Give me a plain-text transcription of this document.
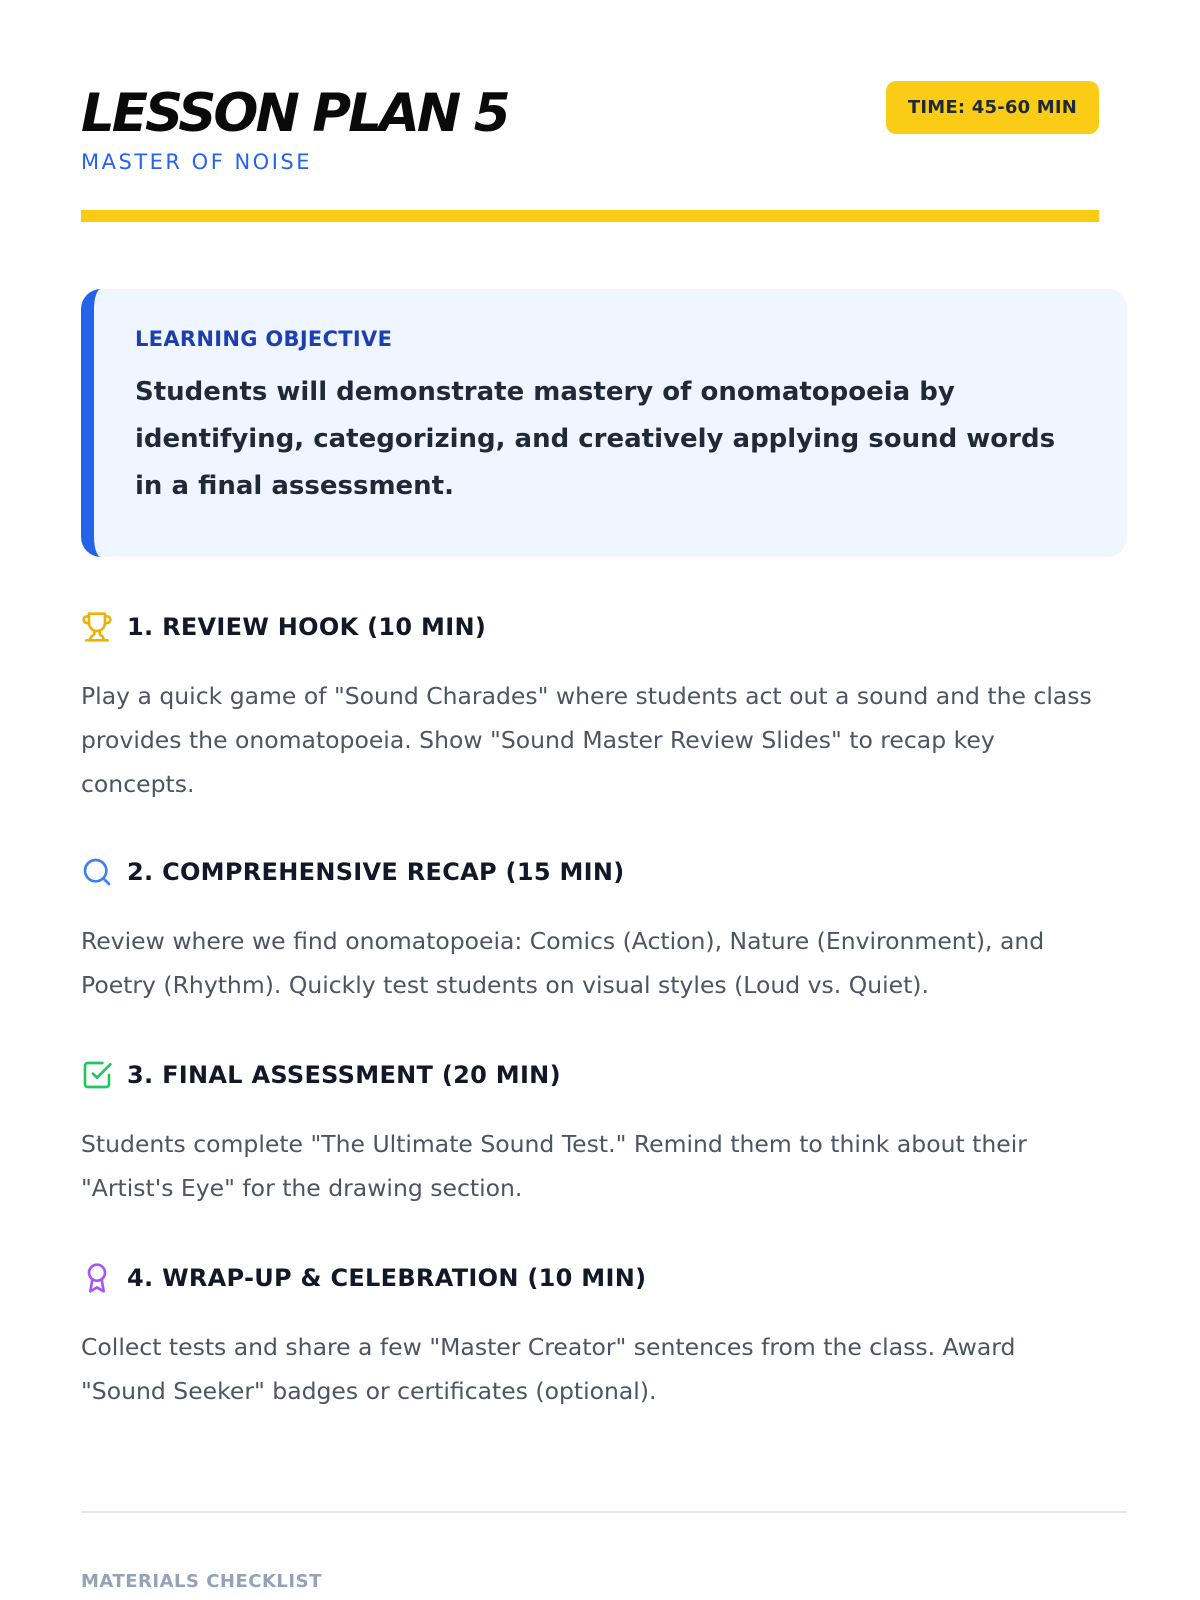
LESSON PLAN 5
MASTER OF NOISE
TIME: 45-60 MIN
LEARNING OBJECTIVE
Students will demonstrate mastery of onomatopoeia by identifying, categorizing, and creatively applying sound words in a final assessment.
1. REVIEW HOOK (10 MIN)
Play a quick game of "Sound Charades" where students act out a sound and the class provides the onomatopoeia. Show "Sound Master Review Slides" to recap key concepts.
2. COMPREHENSIVE RECAP (15 MIN)
Review where we find onomatopoeia: Comics (Action), Nature (Environment), and Poetry (Rhythm). Quickly test students on visual styles (Loud vs. Quiet).
3. FINAL ASSESSMENT (20 MIN)
Students complete "The Ultimate Sound Test." Remind them to think about their "Artist's Eye" for the drawing section.
4. WRAP-UP & CELEBRATION (10 MIN)
Collect tests and share a few "Master Creator" sentences from the class. Award "Sound Seeker" badges or certificates (optional).
MATERIALS CHECKLIST
